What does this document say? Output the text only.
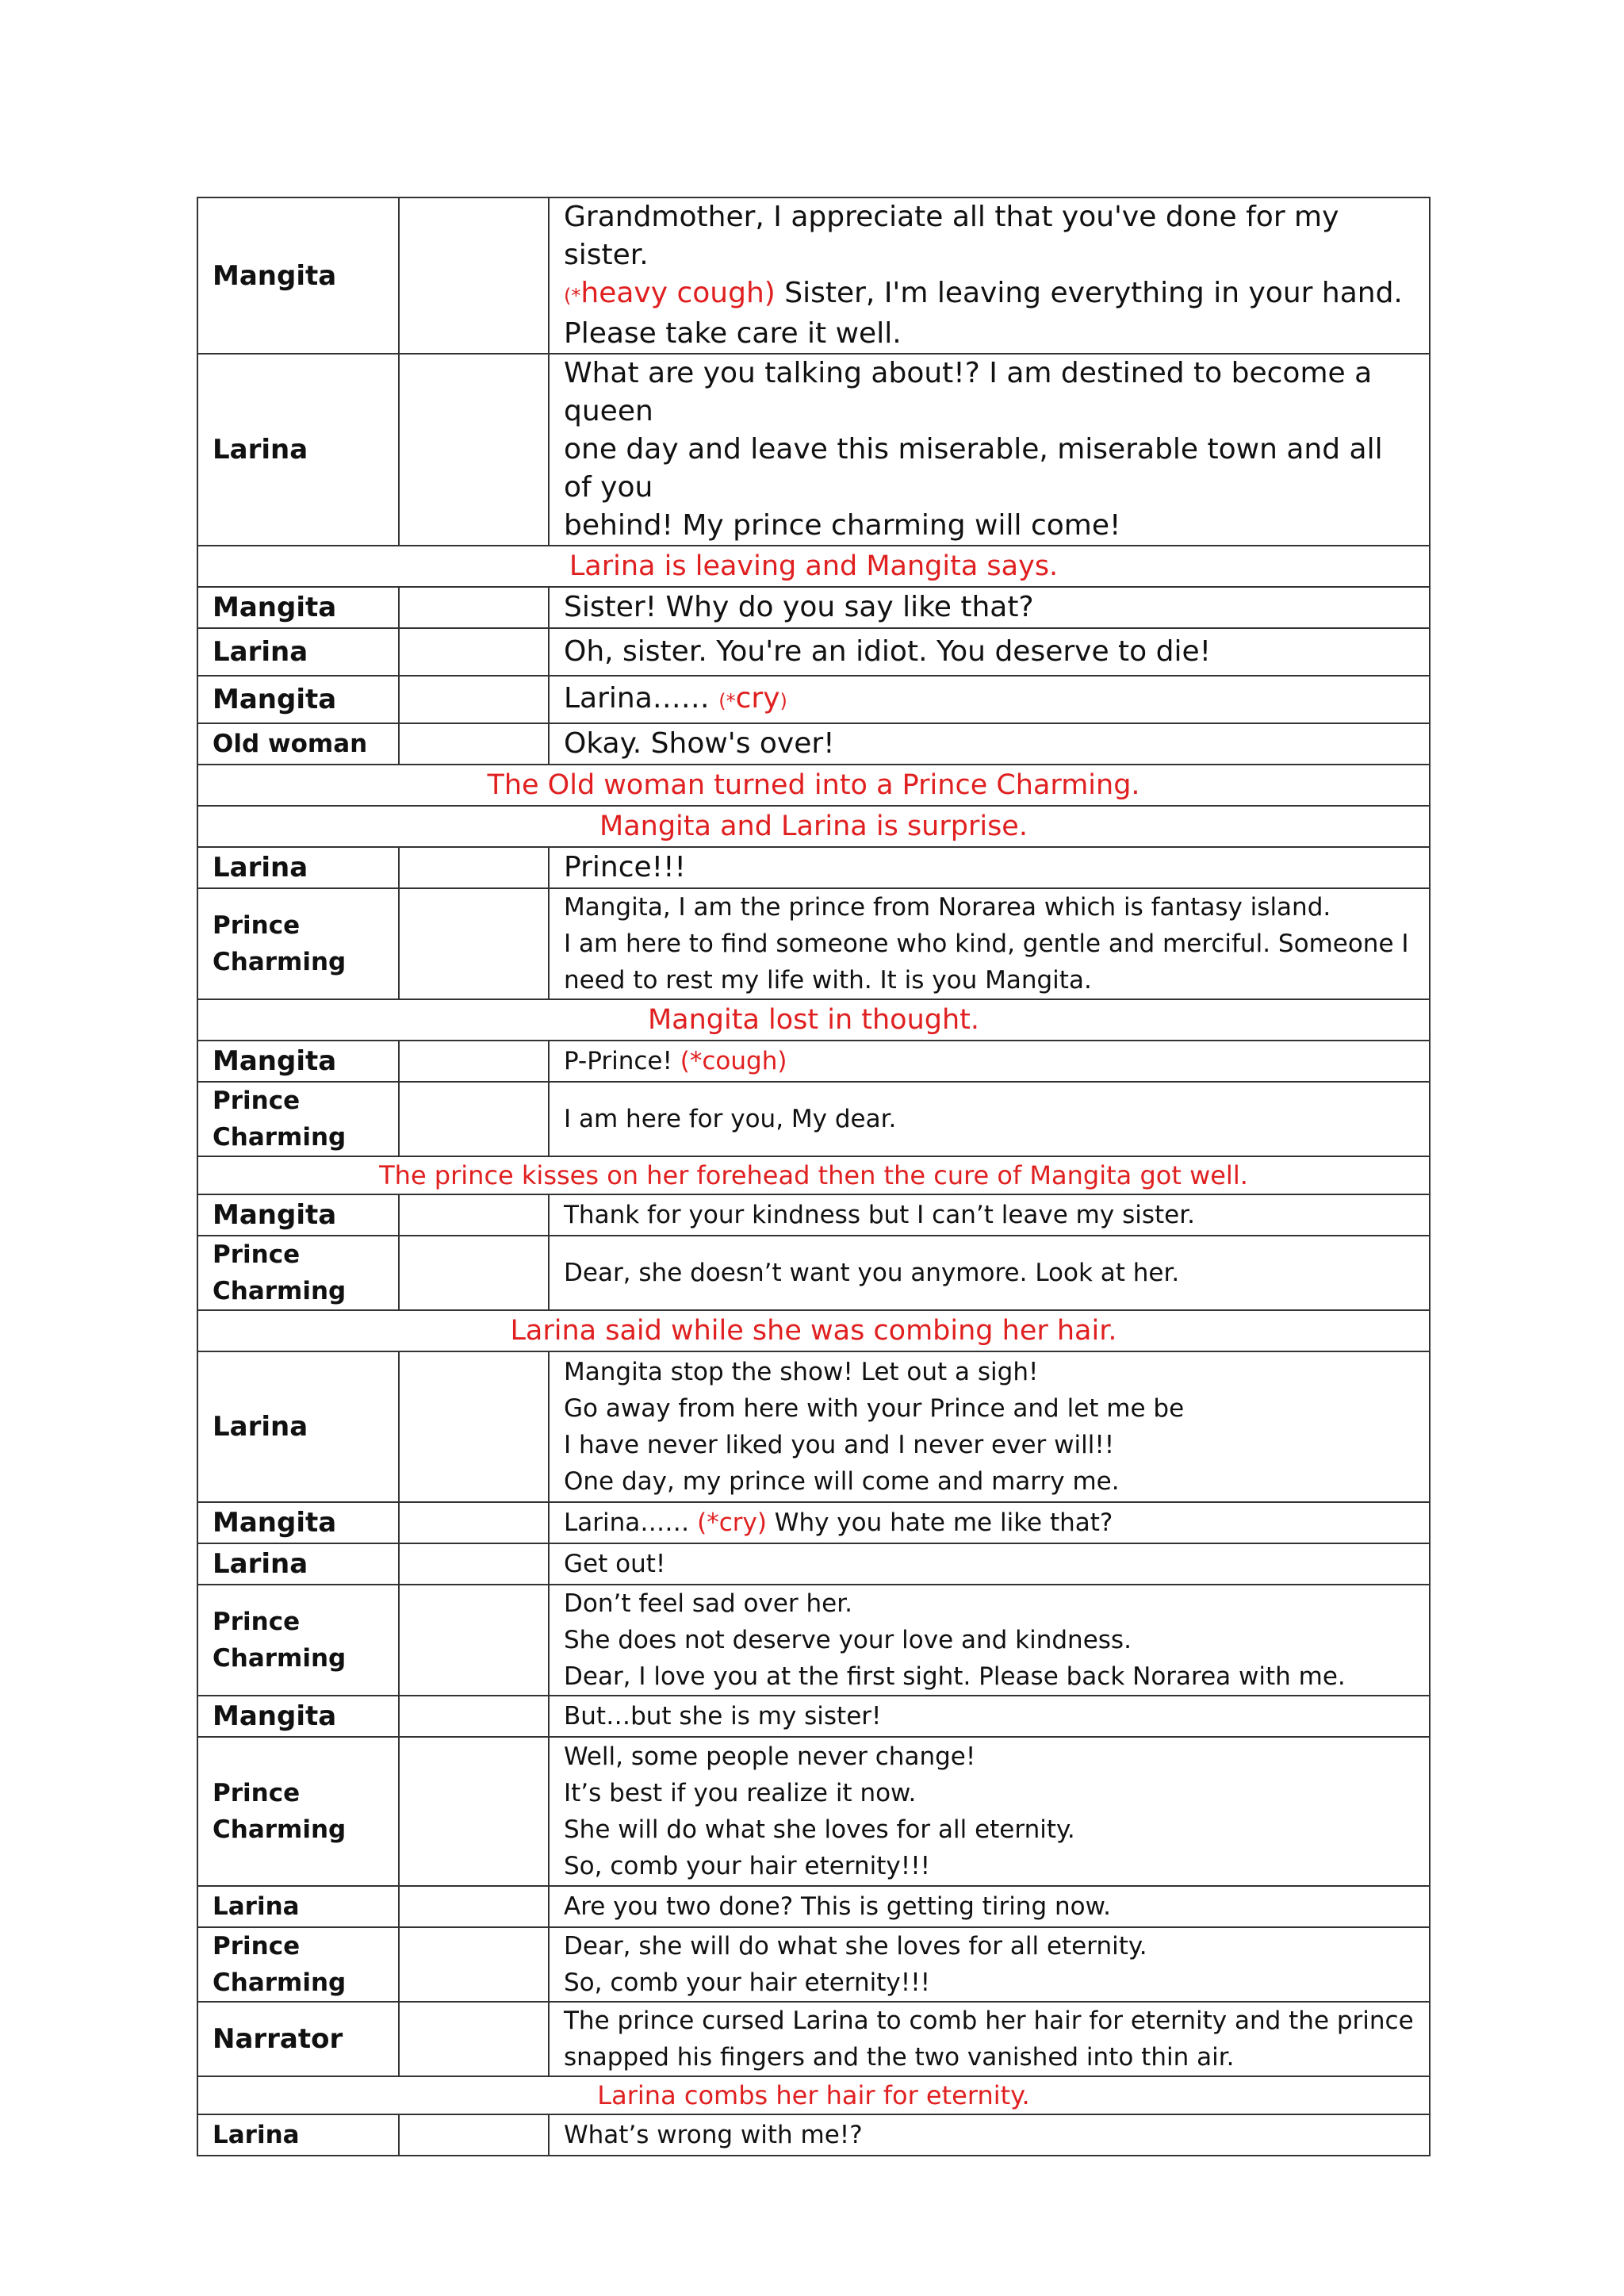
Mangita		Grandmother, I appreciate all that you've done for my sister.
(*heavy cough) Sister, I'm leaving everything in your hand.
Please take care it well.
Larina		What are you talking about!? I am destined to become a queen
one day and leave this miserable, miserable town and all of you
behind! My prince charming will come!
Larina is leaving and Mangita says.		
Mangita		Sister! Why do you say like that?
Larina		Oh, sister. You're an idiot. You deserve to die!
Mangita		Larina…… (*cry)
Old woman		Okay. Show's over!
The Old woman turned into a Prince Charming.		
Mangita and Larina is surprise.		
Larina		Prince!!!
Prince Charming		Mangita, I am the prince from Norarea which is fantasy island.
I am here to find someone who kind, gentle and merciful. Someone I
need to rest my life with. It is you Mangita.
Mangita lost in thought.		
Mangita		P-Prince! (*cough)
Prince Charming		I am here for you, My dear.
The prince kisses on her forehead then the cure of Mangita got well.		
Mangita		Thank for your kindness but I can’t leave my sister.
Prince Charming		Dear, she doesn’t want you anymore. Look at her.
Larina said while she was combing her hair.		
Larina		Mangita stop the show! Let out a sigh!
Go away from here with your Prince and let me be
I have never liked you and I never ever will!!
One day, my prince will come and marry me.
Mangita		Larina…… (*cry) Why you hate me like that?
Larina		Get out!
Prince Charming		Don’t feel sad over her.
She does not deserve your love and kindness.
Dear, I love you at the first sight. Please back Norarea with me.
Mangita		But…but she is my sister!
Prince Charming		Well, some people never change!
It’s best if you realize it now.
She will do what she loves for all eternity.
So, comb your hair eternity!!!
Larina		Are you two done? This is getting tiring now.
Prince Charming		Dear, she will do what she loves for all eternity.
So, comb your hair eternity!!!
Narrator		The prince cursed Larina to comb her hair for eternity and the prince
snapped his fingers and the two vanished into thin air.
Larina combs her hair for eternity.		
Larina		What’s wrong with me!?
